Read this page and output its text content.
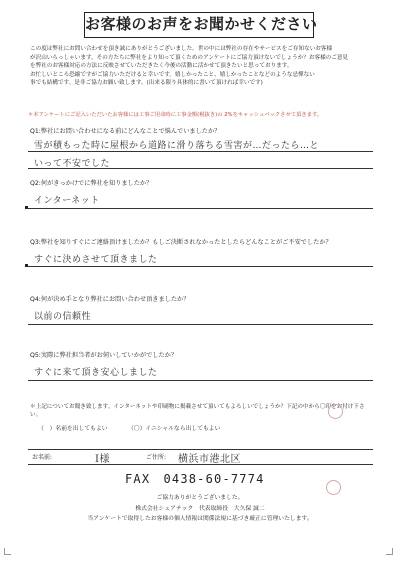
お客様のお声をお聞かせください

この度は弊社にお問い合わせを頂き誠にありがとうございました。世の中には弊社の存在やサービスをご存知ないお客様

が沢山いらっしゃいます。その方たちに弊社をより知って頂くためのアンケートにご協力頂けないでしょうか？お客様のご意見

を弊社のお客様対応の方法に反映させていただきたく今後の活動に活かせて頂きたいと思っております。

お忙しいところ恐縮ですがご協力いただけると幸いです。嬉しかったこと、嬉しかったことなどのような忌憚ない

事でも結構です。是非ご協力お願い致します。(出来る限り具体的に書いて頂ければ幸いです)

＊本アンケートにご記入いただいたお客様には工事ご用命時に工事金額(税抜き)の 2%をキャッシュバックさせて頂きます。
Q1:弊社にお問い合わせになる前にどんなことで悩んでいましたか？
雪が積もった時に屋根から道路に滑り落ちる雪害が…だったら…と
いって不安でした
Q2:何がきっかけでに弊社を知りましたか？
インターネット
Q3:弊社を知りすぐにご連絡頂けましたか？もしご決断されなかったとしたらどんなことがご不安でしたか？
すぐに決めさせて頂きました
Q4:何が決め手となり弊社にお問い合わせ頂きましたか？
以前の信頼性
Q5:実際に弊社担当者がお伺いしていかがでしたか？
すぐに来て頂き安心しました
＊上記についてお聞き致します。インターネットや印刷物に掲載させて頂いてもよろしいでしょうか？下記の中から〇印をお付け下さい。
（　）名前を出してもよい	（〇）イニシャルなら出してもよい
お名前:	I様	ご住所: 横浜市港北区
FAX　0438-60-7774
ご協力ありがとうございました。
株式会社シェアテック　代表取締役　大久保 誠二
当アンケートで取得したお客様の個人情報は関係法規に基づき厳正に管理いたします。
